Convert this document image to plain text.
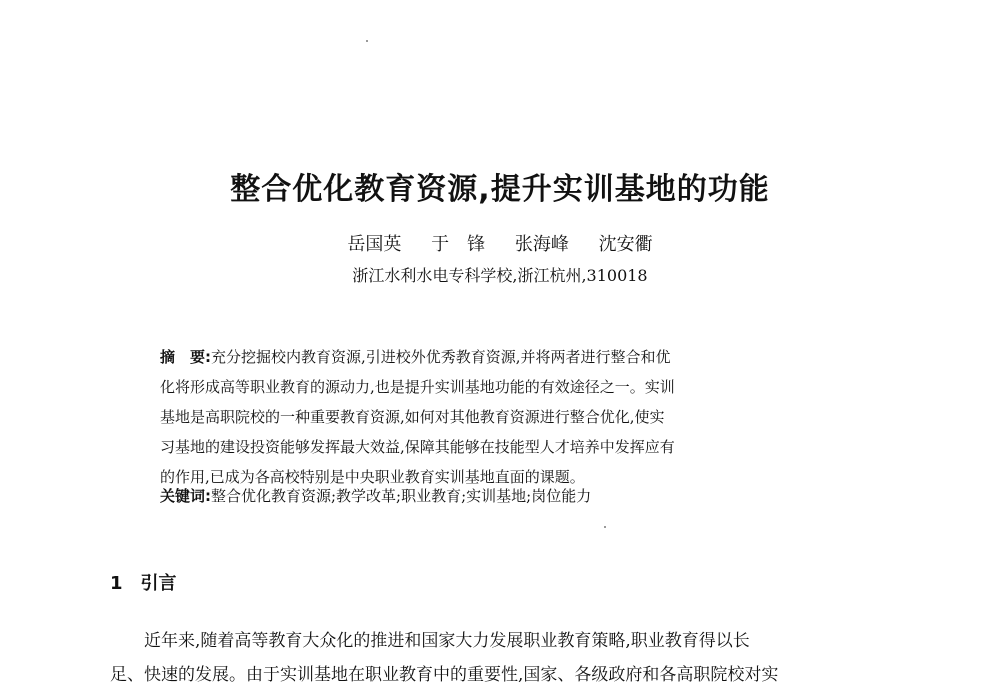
整合优化教育资源,提升实训基地的功能
岳国英 于　锋 张海峰 沈安衢
浙江水利水电专科学校,浙江杭州,310018
摘　要:充分挖掘校内教育资源,引进校外优秀教育资源,并将两者进行整合和优
化将形成高等职业教育的源动力,也是提升实训基地功能的有效途径之一。实训
基地是高职院校的一种重要教育资源,如何对其他教育资源进行整合优化,使实
习基地的建设投资能够发挥最大效益,保障其能够在技能型人才培养中发挥应有
的作用,已成为各高校特别是中央职业教育实训基地直面的课题。
关键词:整合优化教育资源;教学改革;职业教育;实训基地;岗位能力
1 引言
近年来,随着高等教育大众化的推进和国家大力发展职业教育策略,职业教育得以长
足、快速的发展。由于实训基地在职业教育中的重要性,国家、各级政府和各高职院校对实
